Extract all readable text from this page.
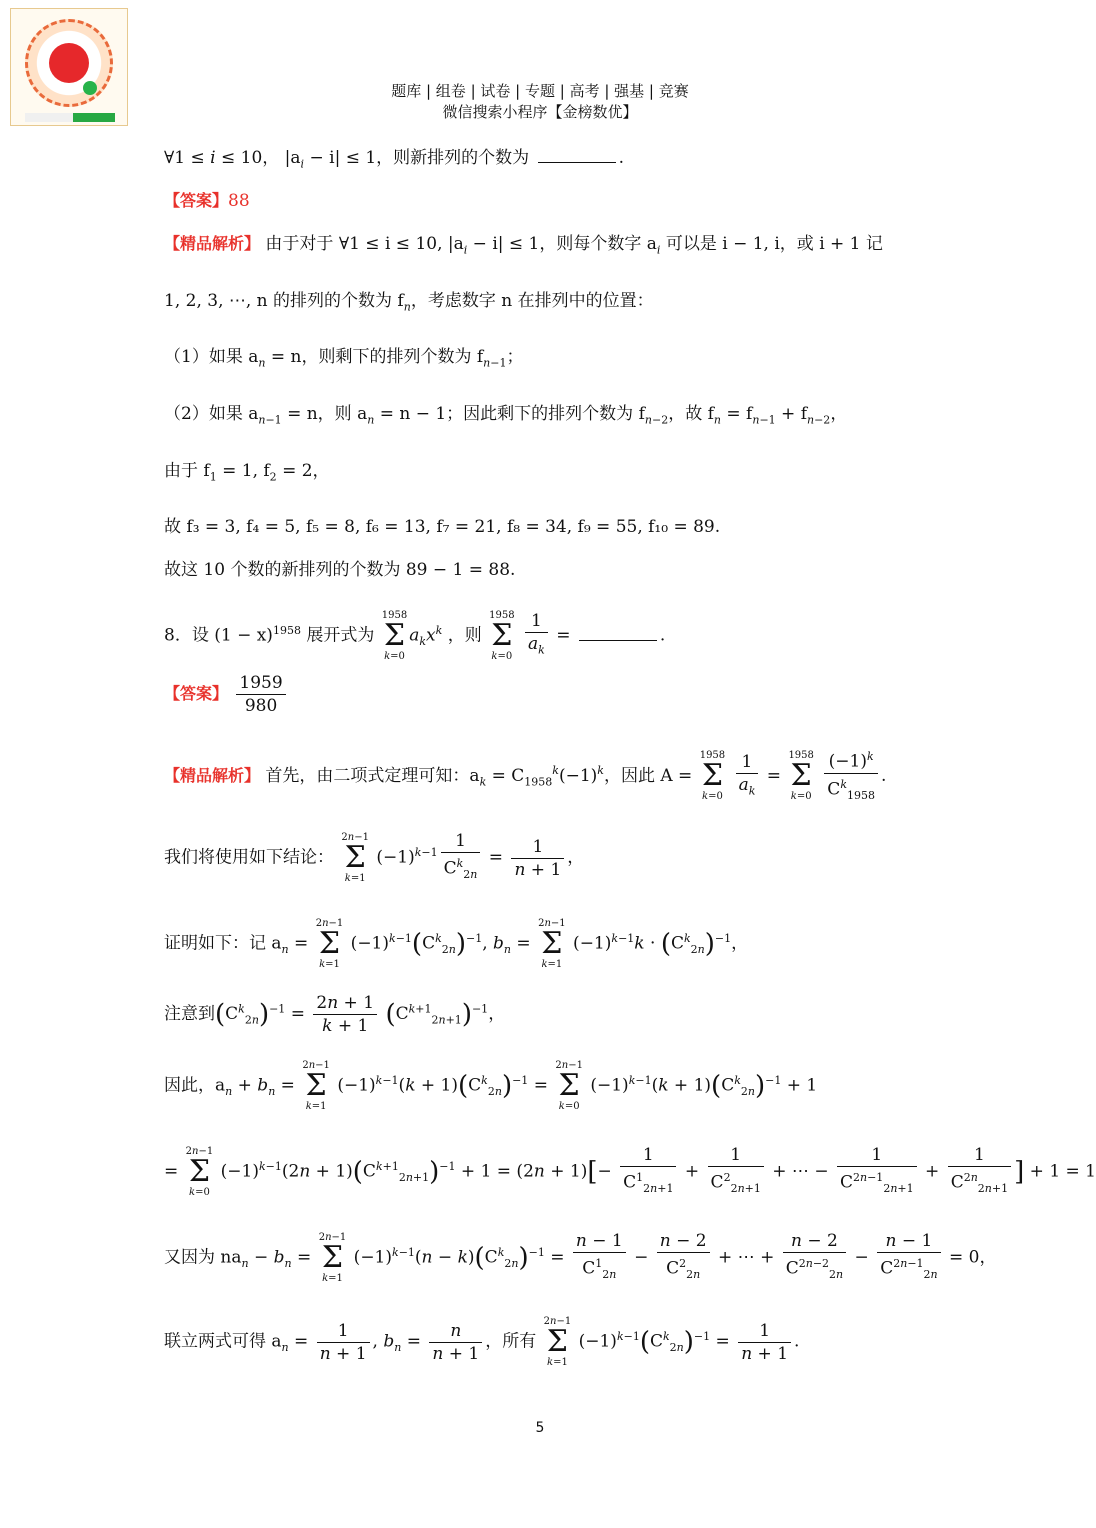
题库 | 组卷 | 试卷 | 专题 | 高考 | 强基 | 竞赛
微信搜索小程序【金榜数优】
∀1 ≤ i ≤ 10， $|a_i - i| \le 1$，则新排列的个数为	.
【答案】88
【精品解析】 由于对于 ∀1 ≤ i ≤ 10, $|a_i - i| \le 1$，则每个数字 $a_i$ 可以是 i − 1, i，或 i + 1 记
1, 2, 3, ⋯, n 的排列的个数为 $f_n$，考虑数字 n 在排列中的位置：
（1）如果 $a_n = n$，则剩下的排列个数为 $f_{n-1}$；
（2）如果 $a_{n-1} = n$，则 $a_n = n - 1$；因此剩下的排列个数为 $f_{n-2}$，故 $f_n = f_{n-1} + f_{n-2}$，
由于 $f_1 = 1$, $f_2 = 2$，
故 f₃ = 3, f₄ = 5, f₅ = 8, f₆ = 13, f₇ = 21, f₈ = 34, f₉ = 55, f₁₀ = 89.
故这 10 个数的新排列的个数为 89 − 1 = 88.
8．设 $(1 - x)^{1958}$ 展开式为
1958
Σ
k=0
$a_kx^k$ ，则
1958
Σ
k=0
$\frac{1}{a_k}$ =	.
【答案】 $\frac{1959}{980}$
【精品解析】 首先，由二项式定理可知：$a_k = C_{1958}^k(-1)^k$，因此 A =
1958
Σ
k=0
$\frac{1}{a_k}$ =
1958
Σ
k=0
$\frac{(-1)^k}{C^k_{1958}}$ .
我们将使用如下结论：
2n−1
Σ
k=1
$(-1)^{k-1} \frac{1}{C^k_{2n}} = \frac{1}{n + 1}$ ，
证明如下：记 $a_n$ =
2n−1
Σ
k=1
$(-1)^{k-1}(C^k_{2n})^{-1}$, $b_n$ =
2n−1
Σ
k=1
$(-1)^{k-1}k \cdot (C^k_{2n})^{-1}$，
注意到$(C^k_{2n})^{-1} = \frac{2n + 1}{k + 1} (C^{k+1}_{2n+1})^{-1}$，
因此，$a_n + b_n$ =
2n−1
Σ
k=1
$(-1)^{k-1}(k + 1)(C^k_{2n})^{-1}$ =
2n−1
Σ
k=0
$(-1)^{k-1}(k + 1)(C^k_{2n})^{-1} + 1$
=
2n−1
Σ
k=0
$(-1)^{k-1}(2n + 1)(C^{k+1}_{2n+1})^{-1} + 1 = (2n + 1)[- \frac{1}{C^1_{2n+1}} + \frac{1}{C^2_{2n+1}}$ + ⋯ − $\frac{1}{C^{2n-1}_{2n+1}} + \frac{1}{C^{2n}_{2n+1}}$ ] + 1 = 1
又因为 $na_n - b_n$ =
2n−1
Σ
k=1
$(-1)^{k-1}(n - k)(C^k_{2n})^{-1} = \frac{n - 1}{C^1_{2n}} - \frac{n - 2}{C^2_{2n}}$ + ⋯ + $\frac{n - 2}{C^{2n-2}_{2n}} - \frac{n - 1}{C^{2n-1}_{2n}} = 0$，
联立两式可得 $a_n = \frac{1}{n + 1}$ , $b_n = \frac{n}{n + 1}$ ，所有
2n−1
Σ
k=1
$(-1)^{k-1}(C^k_{2n})^{-1} = \frac{1}{n + 1}$ .
5
